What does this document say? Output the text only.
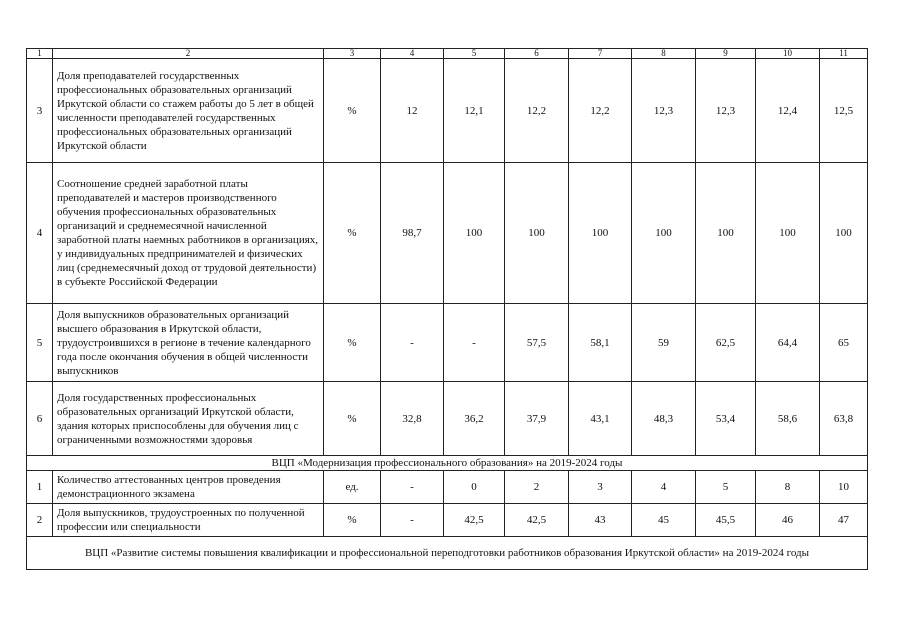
1	2	3	4	5	6	7	8	9	10	11
3	Доля преподавателей государственных профессиональных образовательных организаций Иркутской области со стажем работы до 5 лет в общей численности преподавателей государственных профессиональных образовательных организаций Иркутской области	%	12	12,1	12,2	12,2	12,3	12,3	12,4	12,5
4	Соотношение средней заработной платы преподавателей и мастеров производственного обучения профессиональных образовательных организаций и среднемесячной начисленной заработной платы наемных работников в организациях, у индивидуальных предпринимателей и физических лиц (среднемесячный доход от трудовой деятельности) в субъекте Российской Федерации	%	98,7	100	100	100	100	100	100	100
5	Доля выпускников образовательных организаций высшего образования в Иркутской области, трудоустроившихся в регионе в течение календарного года после окончания обучения в общей численности выпускников	%	-	-	57,5	58,1	59	62,5	64,4	65
6	Доля государственных профессиональных образовательных организаций Иркутской области, здания которых приспособлены для обучения лиц с ограниченными возможностями здоровья	%	32,8	36,2	37,9	43,1	48,3	53,4	58,6	63,8
ВЦП «Модернизация профессионального образования» на 2019-2024 годы										
1	Количество аттестованных центров проведения демонстрационного экзамена	ед.	-	0	2	3	4	5	8	10
2	Доля выпускников, трудоустроенных по полученной профессии или специальности	%	-	42,5	42,5	43	45	45,5	46	47
ВЦП «Развитие системы повышения квалификации и профессиональной переподготовки работников образования Иркутской области» на 2019-2024 годы										
